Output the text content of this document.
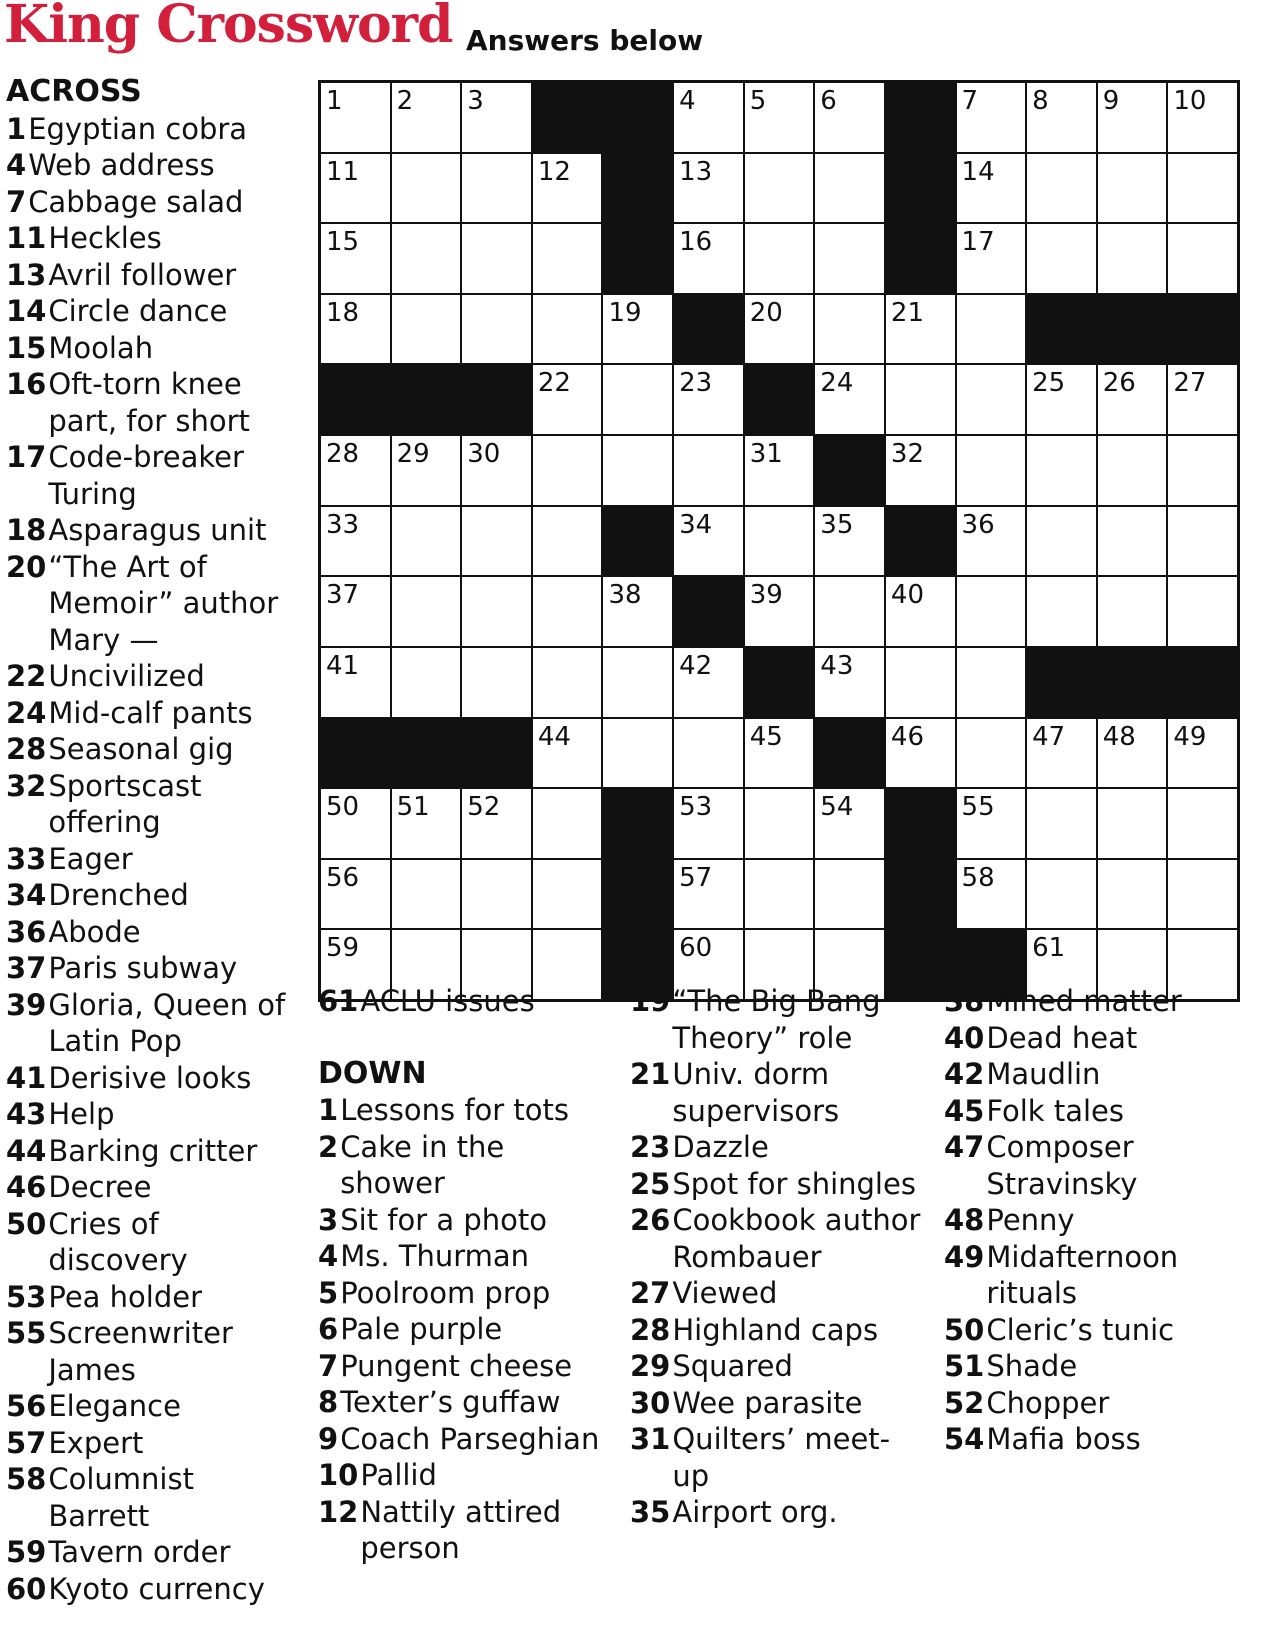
King Crossword Answers below
ACROSS
1 Egyptian cobra
4 Web address
7 Cabbage salad
11 Heckles
13 Avril follower
14 Circle dance
15 Moolah
16 Oft-torn knee part, for short
17 Code-breaker Turing
18 Asparagus unit
20 “The Art of Memoir” author Mary —
22 Uncivilized
24 Mid-calf pants
28 Seasonal gig
32 Sportscast offering
33 Eager
34 Drenched
36 Abode
37 Paris subway
39 Gloria, Queen of Latin Pop
41 Derisive looks
43 Help
44 Barking critter
46 Decree
50 Cries of discovery
53 Pea holder
55 Screenwriter James
56 Elegance
57 Expert
58 Columnist Barrett
59 Tavern order
60 Kyoto currency
1 2 3	4 5 6	7 8 9 10
11	12	13	14
15	16	17
18	19	20	21
22	23	24	25 26 27
28 29 30	31	32
33	34	35	36
37	38	39	40
41	42	43
44	45	46	47 48 49
50 51 52	53	54	55
56	57	58
59	60	61
61 ACLU issues
DOWN
1 Lessons for tots
2 Cake in the shower
3 Sit for a photo
4 Ms. Thurman
5 Poolroom prop
6 Pale purple
7 Pungent cheese
8 Texter’s guffaw
9 Coach Parseghian
10 Pallid
12 Nattily attired person
19 “The Big Bang Theory” role
21 Univ. dorm supervisors
23 Dazzle
25 Spot for shingles
26 Cookbook author Rombauer
27 Viewed
28 Highland caps
29 Squared
30 Wee parasite
31 Quilters’ meet-up
35 Airport org.
38 Mined matter
40 Dead heat
42 Maudlin
45 Folk tales
47 Composer Stravinsky
48 Penny
49 Midafternoon rituals
50 Cleric’s tunic
51 Shade
52 Chopper
54 Mafia boss
